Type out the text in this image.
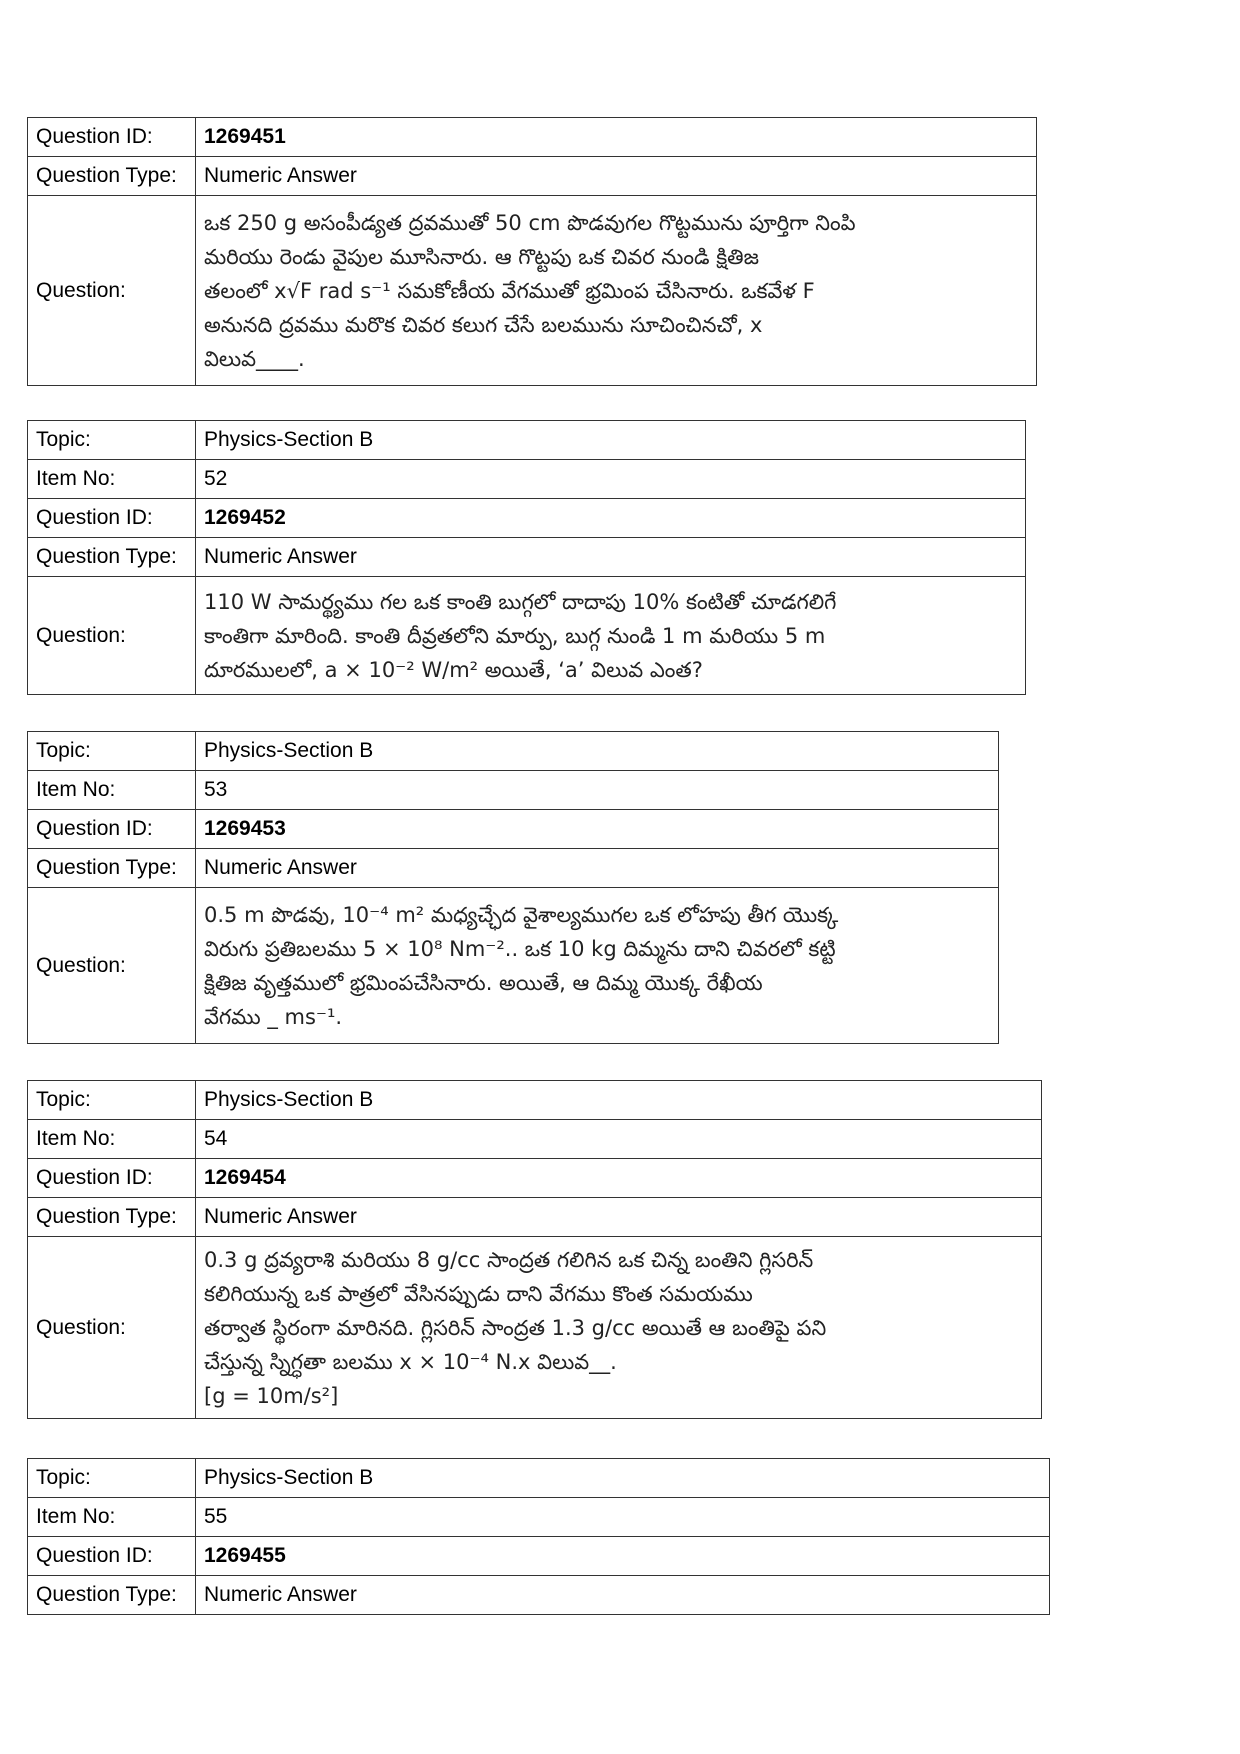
Question ID:	1269451
Question Type:	Numeric Answer
Question:	ఒక 250 g అసంపీడ్యత ద్రవముతో 50 cm పొడవుగల గొట్టమును పూర్తిగా నింపి
మరియు రెండు వైపుల మూసినారు. ఆ గొట్టపు ఒక చివర నుండి క్షితిజ
తలంలో x√F rad s⁻¹ సమకోణీయ వేగముతో భ్రమింప చేసినారు. ఒకవేళ F
అనునది ద్రవము మరొక చివర కలుగ చేసే బలమును సూచించినచో, x
విలువ____.
Topic:	Physics-Section B
Item No:	52
Question ID:	1269452
Question Type:	Numeric Answer
Question:	110 W సామర్థ్యము గల ఒక కాంతి బుగ్గలో దాదాపు 10% కంటితో చూడగలిగే
కాంతిగా మారింది. కాంతి దీవ్రతలోని మార్పు, బుగ్గ నుండి 1 m మరియు 5 m
దూరములలో, a × 10⁻² W/m² అయితే, ‘a’ విలువ ఎంత?
Topic:	Physics-Section B
Item No:	53
Question ID:	1269453
Question Type:	Numeric Answer
Question:	0.5 m పొడవు, 10⁻⁴ m² మధ్యచ్ఛేద వైశాల్యముగల ఒక లోహపు తీగ యొక్క
విరుగు ప్రతిబలము 5 × 10⁸ Nm⁻².. ఒక 10 kg దిమ్మను దాని చివరలో కట్టి
క్షితిజ వృత్తములో భ్రమింపచేసినారు. అయితే, ఆ దిమ్మ యొక్క రేఖీయ
వేగము _ ms⁻¹.
Topic:	Physics-Section B
Item No:	54
Question ID:	1269454
Question Type:	Numeric Answer
Question:	0.3 g ద్రవ్యరాశి మరియు 8 g/cc సాంద్రత గలిగిన ఒక చిన్న బంతిని గ్లిసరిన్
కలిగియున్న ఒక పాత్రలో వేసినప్పుడు దాని వేగము కొంత సమయము
తర్వాత స్థిరంగా మారినది. గ్లిసరిన్ సాంద్రత 1.3 g/cc అయితే ఆ బంతిపై పని
చేస్తున్న స్నిగ్ధతా బలము x × 10⁻⁴ N.x విలువ__.
[g = 10m/s²]
Topic:	Physics-Section B
Item No:	55
Question ID:	1269455
Question Type:	Numeric Answer
